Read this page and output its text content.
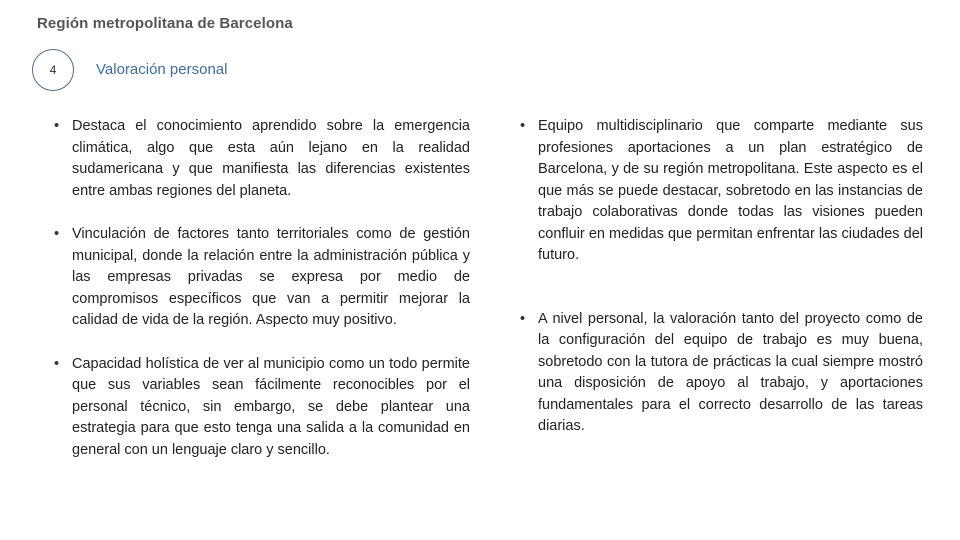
Región metropolitana de Barcelona
4	Valoración personal
• Destaca el conocimiento aprendido sobre la emergencia climática, algo que esta aún lejano en la realidad sudamericana y que manifiesta las diferencias existentes entre ambas regiones del planeta.
• Vinculación de factores tanto territoriales como de gestión municipal, donde la relación entre la administración pública y las empresas privadas se expresa por medio de compromisos específicos que van a permitir mejorar la calidad de vida de la región. Aspecto muy positivo.
• Capacidad holística de ver al municipio como un todo permite que sus variables sean fácilmente reconocibles por el personal técnico, sin embargo, se debe plantear una estrategia para que esto tenga una salida a la comunidad en general con un lenguaje claro y sencillo.
• Equipo multidisciplinario que comparte mediante sus profesiones aportaciones a un plan estratégico de Barcelona, y de su región metropolitana. Este aspecto es el que más se puede destacar, sobretodo en las instancias de trabajo colaborativas donde todas las visiones pueden confluir en medidas que permitan enfrentar las ciudades del futuro.
• A nivel personal, la valoración tanto del proyecto como de la configuración del equipo de trabajo es muy buena, sobretodo con la tutora de prácticas la cual siempre mostró una disposición de apoyo al trabajo, y aportaciones fundamentales para el correcto desarrollo de las tareas diarias.
